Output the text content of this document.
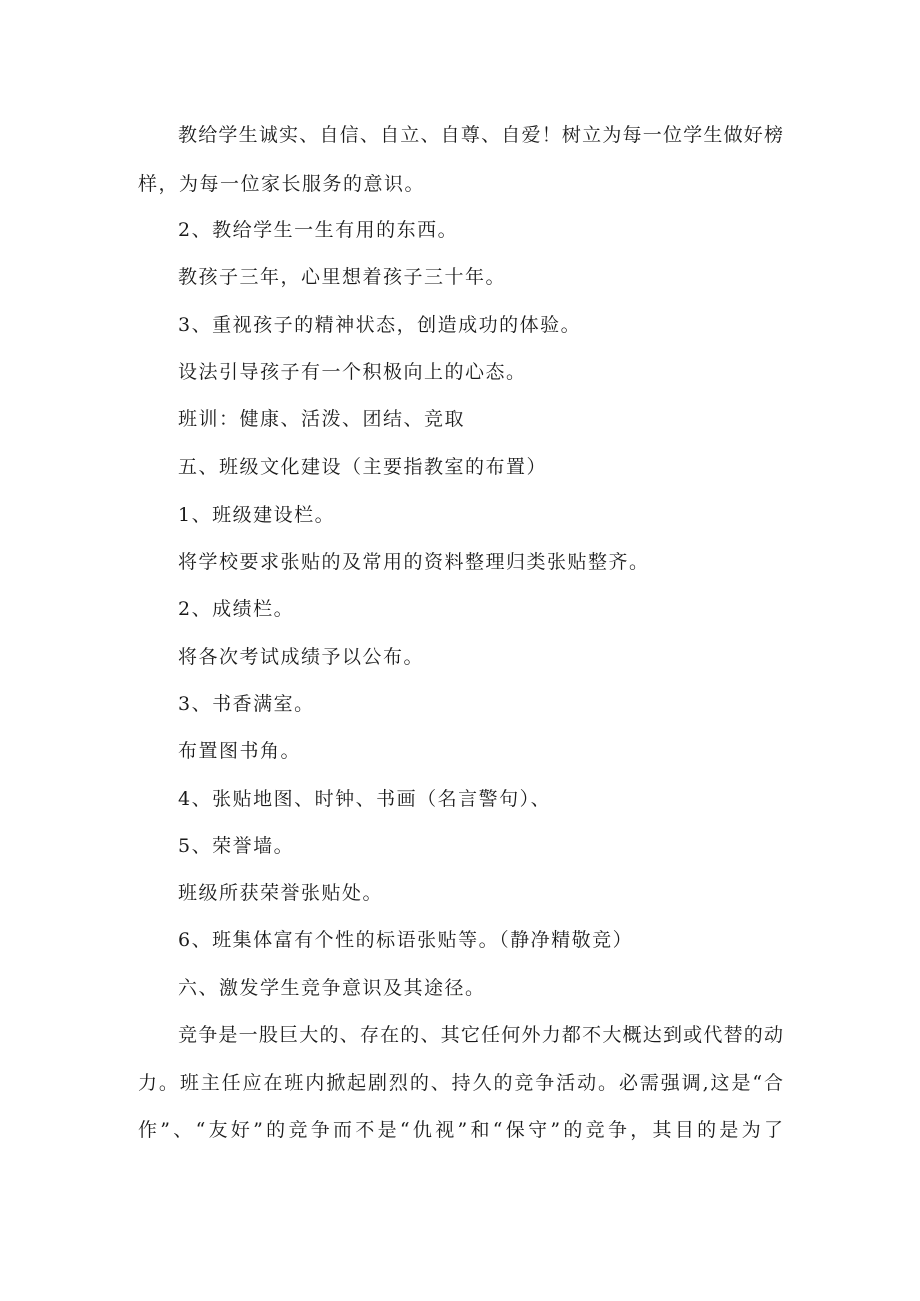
教给学生诚实、自信、自立、自尊、自爱！树立为每一位学生做好榜
样，为每一位家长服务的意识。
2、教给学生一生有用的东西。
教孩子三年，心里想着孩子三十年。
3、重视孩子的精神状态，创造成功的体验。
设法引导孩子有一个积极向上的心态。
班训：健康、活泼、团结、竞取
五、班级文化建设（主要指教室的布置）
1、班级建设栏。
将学校要求张贴的及常用的资料整理归类张贴整齐。
2、成绩栏。
将各次考试成绩予以公布。
3、书香满室。
布置图书角。
4、张贴地图、时钟、书画（名言警句）、
5、荣誉墙。
班级所获荣誉张贴处。
6、班集体富有个性的标语张贴等。（静净精敬竞）
六、激发学生竞争意识及其途径。
竞争是一股巨大的、存在的、其它任何外力都不大概达到或代替的动
力。班主任应在班内掀起剧烈的、持久的竞争活动。必需强调,这是“合
作”、“友好”的竞争而不是“仇视”和“保守”的竞争，其目的是为了
